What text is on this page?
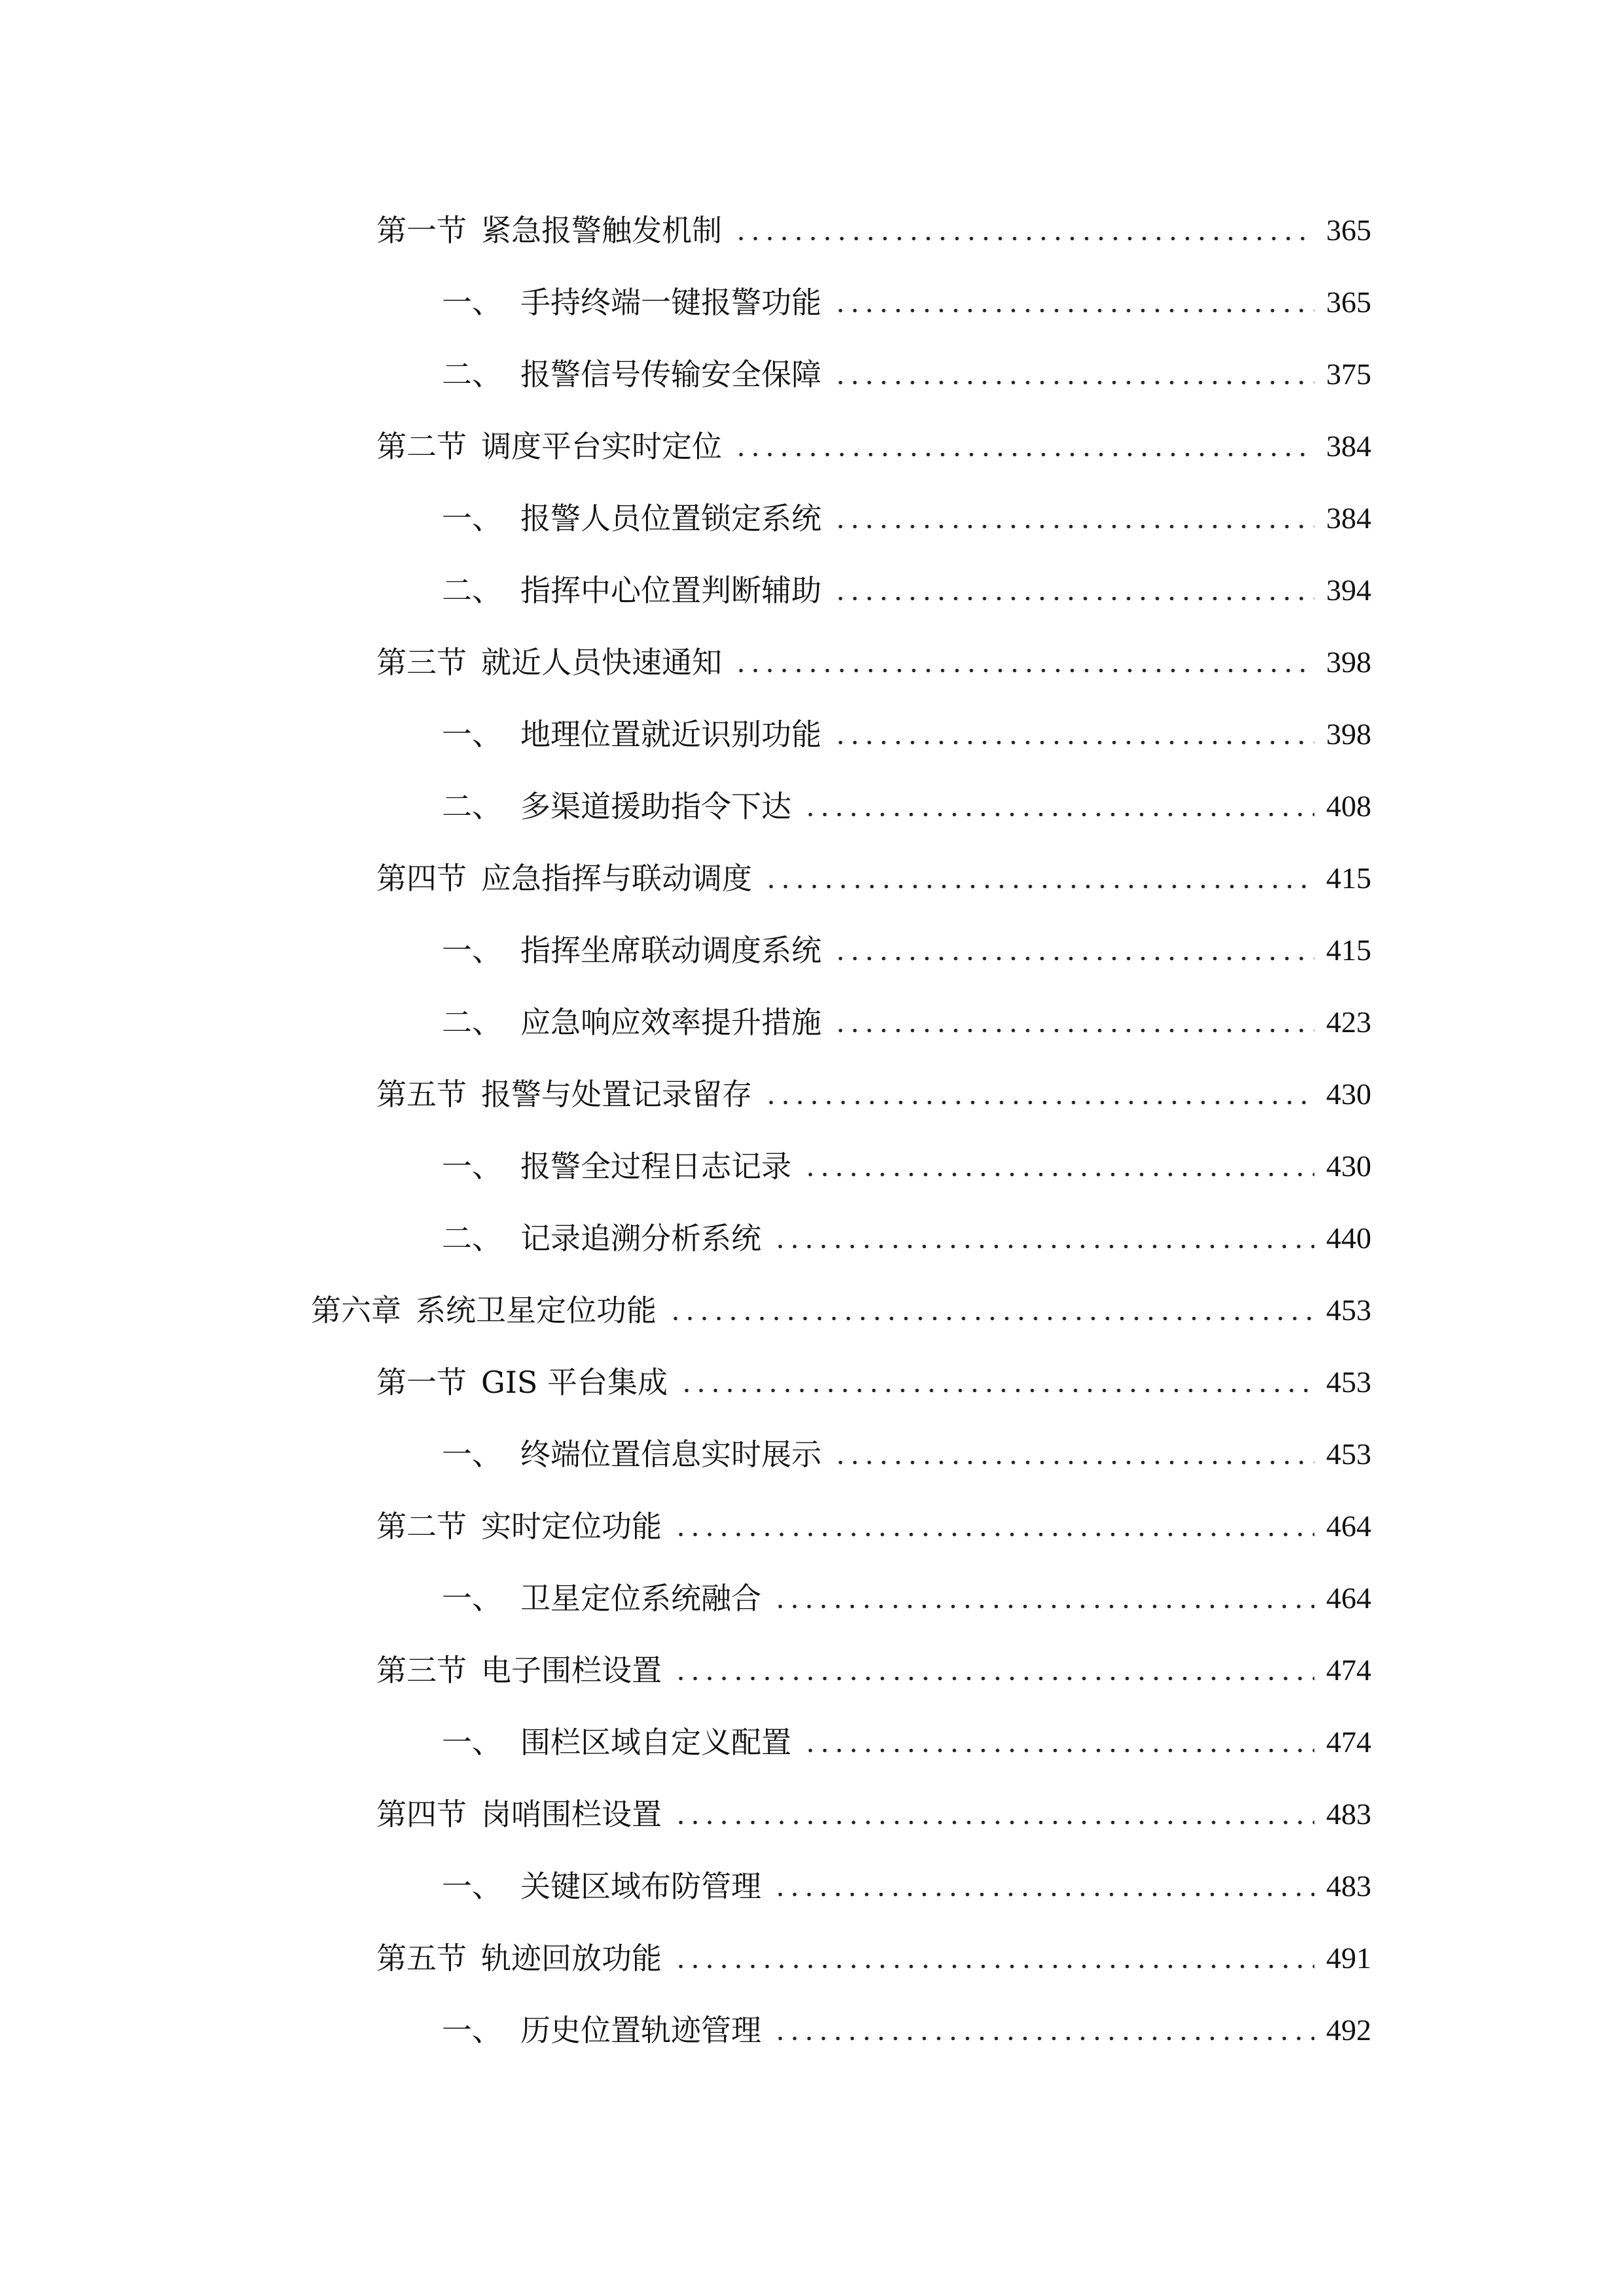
第一节 紧急报警触发机制	365
一、 手持终端一键报警功能	365
二、 报警信号传输安全保障	375
第二节 调度平台实时定位	384
一、 报警人员位置锁定系统	384
二、 指挥中心位置判断辅助	394
第三节 就近人员快速通知	398
一、 地理位置就近识别功能	398
二、 多渠道援助指令下达	408
第四节 应急指挥与联动调度	415
一、 指挥坐席联动调度系统	415
二、 应急响应效率提升措施	423
第五节 报警与处置记录留存	430
一、 报警全过程日志记录	430
二、 记录追溯分析系统	440
第六章 系统卫星定位功能	453
第一节 GIS 平台集成	453
一、 终端位置信息实时展示	453
第二节 实时定位功能	464
一、 卫星定位系统融合	464
第三节 电子围栏设置	474
一、 围栏区域自定义配置	474
第四节 岗哨围栏设置	483
一、 关键区域布防管理	483
第五节 轨迹回放功能	491
一、 历史位置轨迹管理	492
